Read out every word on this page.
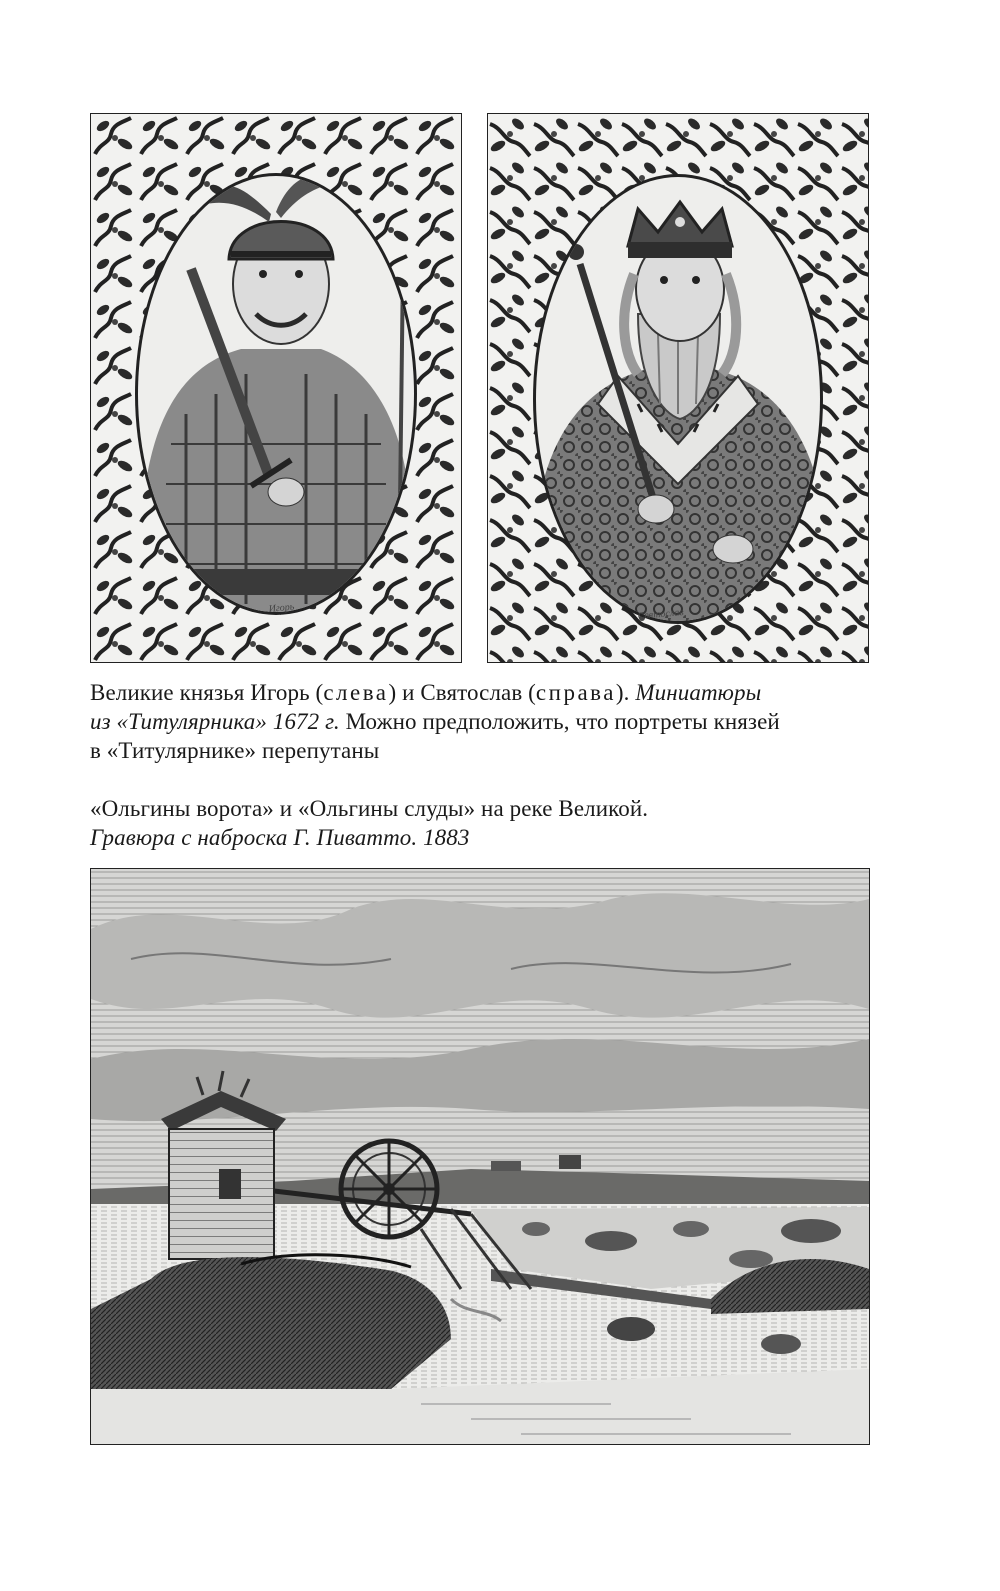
Игорь	Святослав
Великие князья Игорь (слева) и Святослав (справа). Миниатюры
из «Титулярника» 1672 г. Можно предположить, что портреты князей
в «Титулярнике» перепутаны
«Ольгины ворота» и «Ольгины слуды» на реке Великой.
Гравюра с наброска Г. Пиватто. 1883
